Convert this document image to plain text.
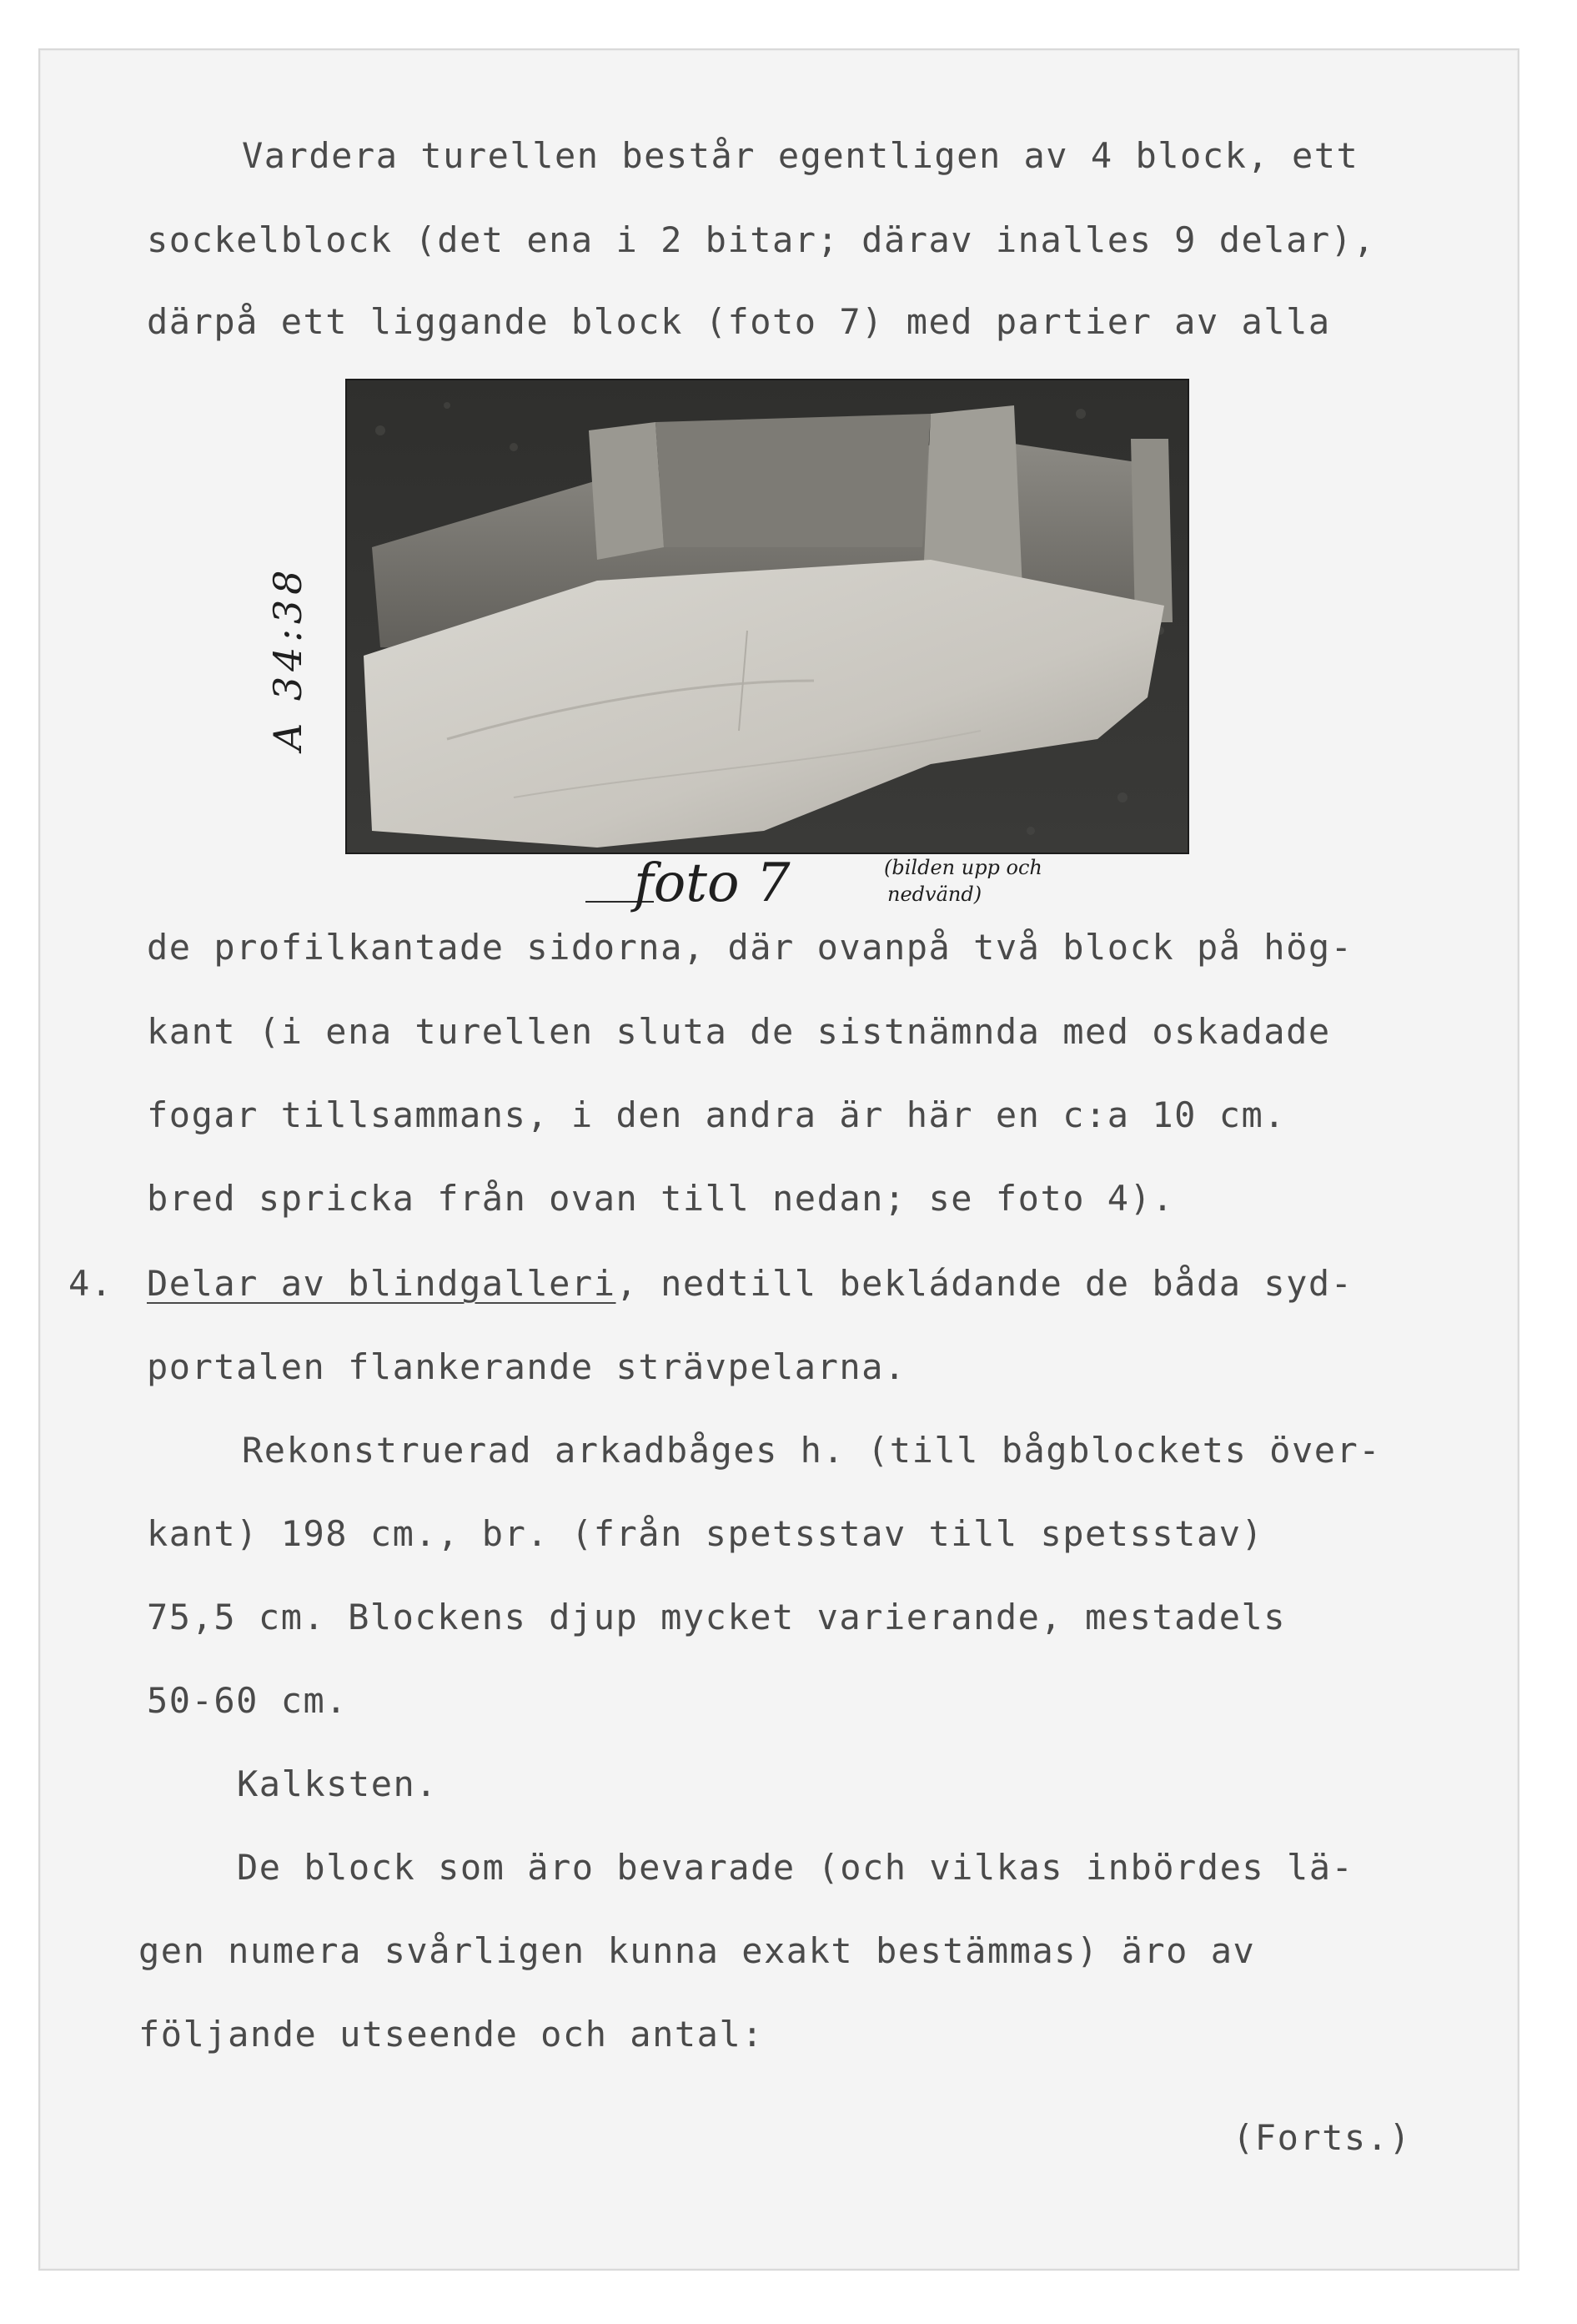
Vardera turellen består egentligen av 4 block, ett
sockelblock (det ena i 2 bitar; därav inalles 9 delar),
därpå ett liggande block (foto 7) med partier av alla
A 34:38
foto 7	(bilden upp och
nedvänd)
de profilkantade sidorna, där ovanpå två block på hög-
kant (i ena turellen sluta de sistnämnda med oskadade
fogar tillsammans, i den andra är här en c:a 10 cm.
bred spricka från ovan till nedan; se foto 4).
4. Delar av blindgalleri, nedtill bekládande de båda syd-
portalen flankerande strävpelarna.
Rekonstruerad arkadbåges h. (till bågblockets över-
kant) 198 cm., br. (från spetsstav till spetsstav)
75,5 cm. Blockens djup mycket varierande, mestadels
50-60 cm.
Kalksten.
De block som äro bevarade (och vilkas inbördes lä-
gen numera svårligen kunna exakt bestämmas) äro av
följande utseende och antal:
(Forts.)
